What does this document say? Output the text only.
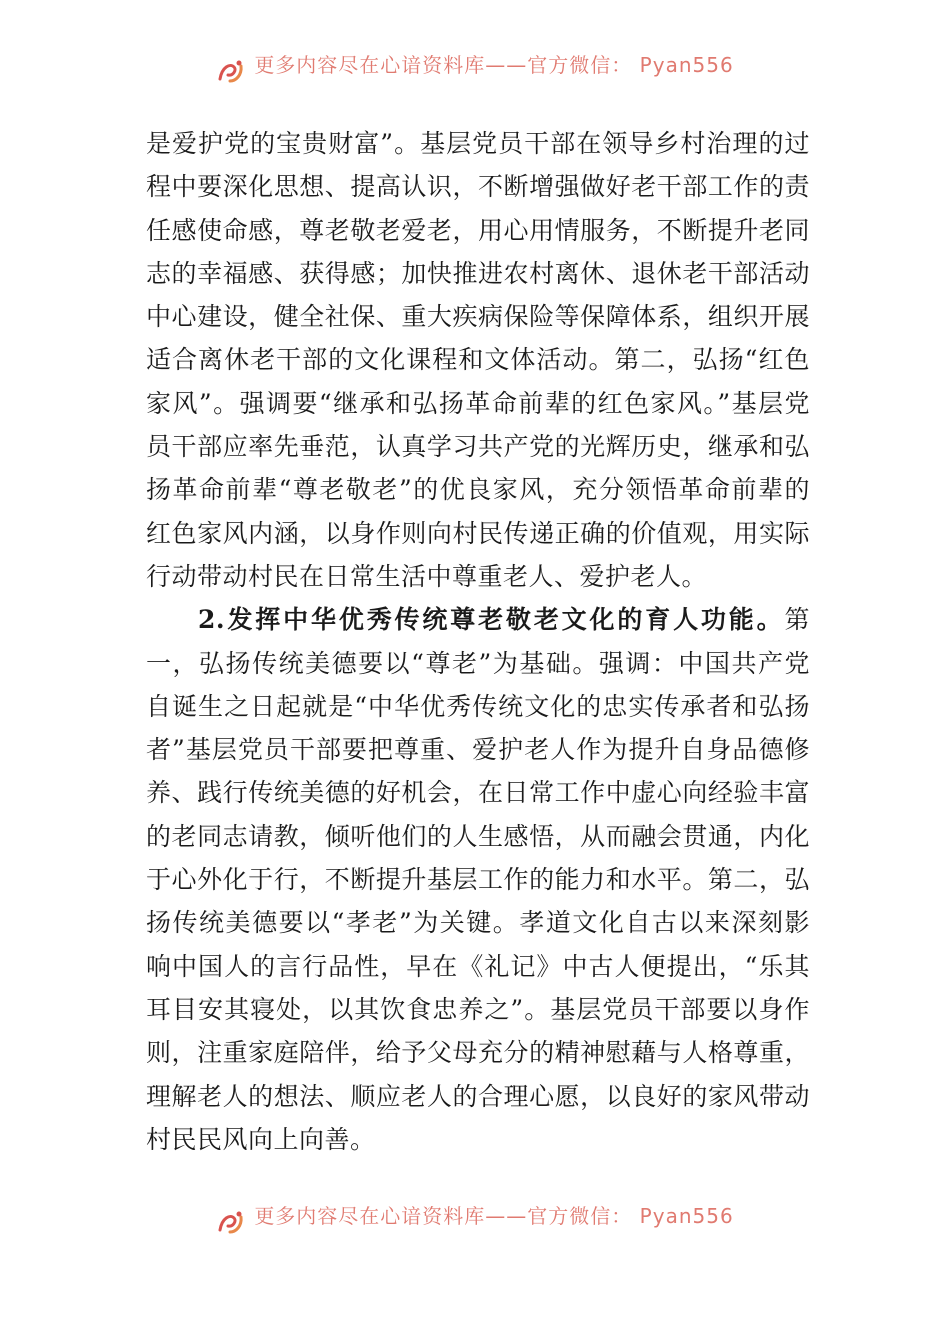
更多内容尽在心谙资料库——官方微信： Pyan556

是爱护党的宝贵财富”。基层党员干部在领导乡村治理的过程中要深化思想、提高认识，不断增强做好老干部工作的责任感使命感，尊老敬老爱老，用心用情服务，不断提升老同志的幸福感、获得感；加快推进农村离休、退休老干部活动中心建设，健全社保、重大疾病保险等保障体系，组织开展适合离休老干部的文化课程和文体活动。第二，弘扬“红色家风”。强调要“继承和弘扬革命前辈的红色家风。”基层党员干部应率先垂范，认真学习共产党的光辉历史，继承和弘扬革命前辈“尊老敬老”的优良家风，充分领悟革命前辈的红色家风内涵，以身作则向村民传递正确的价值观，用实际行动带动村民在日常生活中尊重老人、爱护老人。

2.发挥中华优秀传统尊老敬老文化的育人功能。第一，弘扬传统美德要以“尊老”为基础。强调：中国共产党自诞生之日起就是“中华优秀传统文化的忠实传承者和弘扬者”基层党员干部要把尊重、爱护老人作为提升自身品德修养、践行传统美德的好机会，在日常工作中虚心向经验丰富的老同志请教，倾听他们的人生感悟，从而融会贯通，内化于心外化于行，不断提升基层工作的能力和水平。第二，弘扬传统美德要以“孝老”为关键。孝道文化自古以来深刻影响中国人的言行品性，早在《礼记》中古人便提出，“乐其耳目安其寝处，以其饮食忠养之”。基层党员干部要以身作则，注重家庭陪伴，给予父母充分的精神慰藉与人格尊重，理解老人的想法、顺应老人的合理心愿，以良好的家风带动村民民风向上向善。

更多内容尽在心谙资料库——官方微信： Pyan556
